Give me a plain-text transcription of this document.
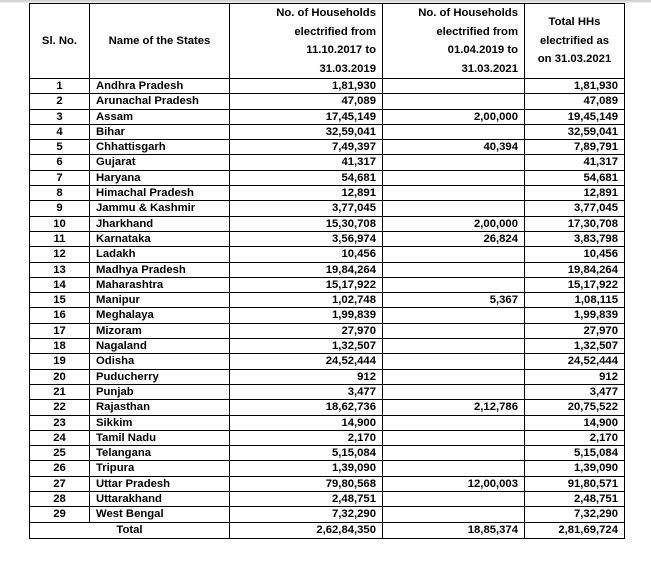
Sl. No.	Name of the States	No. of Households
electrified from
11.10.2017 to
31.03.2019	No. of Households
electrified from
01.04.2019 to
31.03.2021	Total HHs
electrified as
on 31.03.2021

1	Andhra Pradesh	1,81,930		1,81,930
2	Arunachal Pradesh	47,089		47,089
3	Assam	17,45,149	2,00,000	19,45,149
4	Bihar	32,59,041		32,59,041
5	Chhattisgarh	7,49,397	40,394	7,89,791
6	Gujarat	41,317		41,317
7	Haryana	54,681		54,681
8	Himachal Pradesh	12,891		12,891
9	Jammu & Kashmir	3,77,045		3,77,045
10	Jharkhand	15,30,708	2,00,000	17,30,708
11	Karnataka	3,56,974	26,824	3,83,798
12	Ladakh	10,456		10,456
13	Madhya Pradesh	19,84,264		19,84,264
14	Maharashtra	15,17,922		15,17,922
15	Manipur	1,02,748	5,367	1,08,115
16	Meghalaya	1,99,839		1,99,839
17	Mizoram	27,970		27,970
18	Nagaland	1,32,507		1,32,507
19	Odisha	24,52,444		24,52,444
20	Puducherry	912		912
21	Punjab	3,477		3,477
22	Rajasthan	18,62,736	2,12,786	20,75,522
23	Sikkim	14,900		14,900
24	Tamil Nadu	2,170		2,170
25	Telangana	5,15,084		5,15,084
26	Tripura	1,39,090		1,39,090
27	Uttar Pradesh	79,80,568	12,00,003	91,80,571
28	Uttarakhand	2,48,751		2,48,751
29	West Bengal	7,32,290		7,32,290
Total		2,62,84,350	18,85,374	2,81,69,724
